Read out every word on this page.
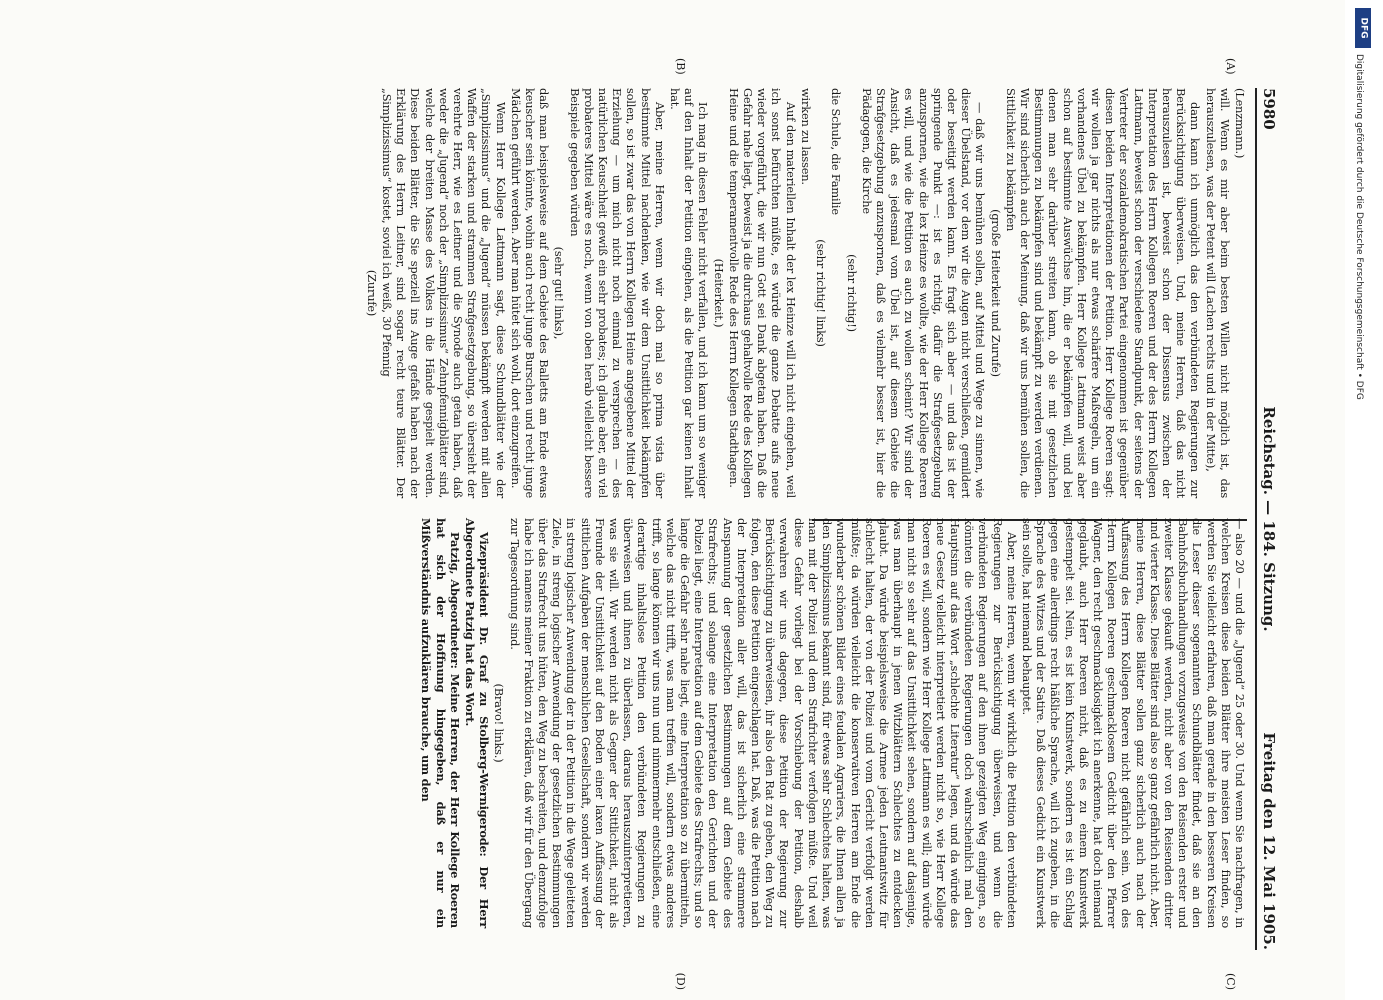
5980
Reichstag. — 184. Sitzung.
Freitag den 12. Mai 1905.
(A)
(B)
(C)
(D)

(Lenzmann.)

will. Wenn es mir aber beim besten Willen nicht möglich ist, das herauszulesen, was der Petent will (Lachen rechts und in der Mitte),

dann kann ich unmöglich das den verbündeten Regierungen zur Berücksichtigung überweisen. Und, meine Herren, daß das nicht herauszulesen ist, beweist schon der Dissensus zwischen der Interpretation des Herrn Kollegen Roeren und der des Herrn Kollegen Lattmann, beweist schon der verschiedene Standpunkt, der seitens der Vertreter der sozialdemokratischen Partei eingenommen ist gegenüber diesen beiden Interpretationen der Petition. Herr Kollege Roeren sagt: wir wollen ja gar nichts als nur etwas schärfere Maßregeln, um ein vorhandenes Übel zu bekämpfen. Herr Kollege Lattmann weist aber schon auf bestimmte Auswüchse hin, die er bekämpfen will, und bei denen man sehr darüber streiten kann, ob sie mit gesetzlichen Bestimmungen zu bekämpfen sind und bekämpft zu werden verdienen. Wir sind sicherlich auch der Meinung, daß wir uns bemühen sollen, die Sittlichkeit zu bekämpfen

(große Heiterkeit und Zurufe)

— daß wir uns bemühen sollen, auf Mittel und Wege zu sinnen, wie dieser Übelstand, vor dem wir die Augen nicht verschließen, gemildert oder beseitigt werden kann. Es fragt sich aber — und das ist der springende Punkt —: ist es richtig, dafür die Strafgesetzgebung anzuspornen, wie die lex Heinze es wollte, wie der Herr Kollege Roeren es will, und wie die Petition es auch zu wollen scheint? Wir sind der Ansicht, daß es jedesmal vom Übel ist, auf diesem Gebiete die Strafgesetzgebung anzuspornen, daß es vielmehr besser ist, hier die Pädagogen, die Kirche

(sehr richtig!)

die Schule, die Familie

(sehr richtig! links)

wirken zu lassen.

Auf den materiellen Inhalt der lex Heinze will ich nicht eingehen, weil ich sonst befürchten müßte, es würde die ganze Debatte aufs neue wieder vorgeführt, die wir nun Gott sei Dank abgetan haben. Daß die Gefahr nahe liegt, beweist ja die durchaus gehaltvolle Rede des Kollegen Heine und die temperamentvolle Rede des Herrn Kollegen Stadthagen.

(Heiterkeit.)

Ich mag in diesen Fehler nicht verfallen, und ich kann um so weniger auf den Inhalt der Petition eingehen, als die Petition gar keinen Inhalt hat.

Aber, meine Herren, wenn wir doch mal so prima vista über bestimmte Mittel nachdenken, wie wir dem Unsittlichkeit bekämpfen sollen, so ist zwar das von Herrn Kollegen Heine angegebene Mittel der Erziehung — um mich nicht noch einmal zu versprechen — des natürlichen Keuschheit gewiß ein sehr probates; ich glaube aber, ein viel probateres Mittel wäre es noch, wenn von oben herab vielleicht bessere Beispiele gegeben würden

(sehr gut! links),

daß man beispielsweise auf dem Gebiete des Balletts am Ende etwas keuscher sein könnte, wohin auch recht junge Burschen und recht junge Mädchen geführt werden. Aber man hütet sich wohl, dort einzugreifen.

Wenn Herr Kollege Lattmann sagt, diese Schundblätter wie der „Simplizissimus“ und die „Jugend“ müssen bekämpft werden mit allen Waffen der starken und strammen Strafgesetzgebung, so übersieht der verehrte Herr, wie es Leitner und die Synode auch getan haben, daß weder die „Jugend“ noch der „Simplizissimus“ Zehnpfennigblätter sind, welche der breiten Masse des Volkes in die Hände gespielt werden. Diese beiden Blätter, die Sie speziell ins Auge gefaßt haben nach der Erklärung des Herrn Leitner, sind sogar recht teure Blätter. Der „Simplizissimus“ kostet, soviel ich weiß, 30 Pfennig

(Zurufe)

— also 20 — und die „Jugend“ 25 oder 30. Und wenn Sie nachfragen, in welchen Kreisen diese beiden Blätter ihre meisten Leser finden, so werden Sie vielleicht erfahren, daß man gerade in den besseren Kreisen die Leser dieser sogenannten Schundblätter findet, daß sie an den Bahnhofsbuchhandlungen vorzugsweise von den Reisenden erster und zweiter Klasse gekauft werden, nicht aber von den Reisenden dritter und vierter Klasse. Diese Blätter sind also so ganz gefährlich nicht. Aber, meine Herren, diese Blätter sollen ganz sicherlich auch nach der Auffassung des Herrn Kollegen Roeren nicht gefährlich sein. Von des Herrn Kollegen Roeren geschmacklosem Gedicht über den Pfarrer Wagner, den recht geschmacklosigkeit ich anerkenne, hat doch niemand geglaubt, auch Herr Roeren nicht, daß es zu einem Kunstwerk gestempelt sei. Nein, es ist kein Kunstwerk, sondern es ist ein Schlag gegen eine allerdings recht häßliche Sprache, will ich zugeben, in die Sprache des Witzes und der Satire. Daß dieses Gedicht ein Kunstwerk sein sollte, hat niemand behauptet.

Aber, meine Herren, wenn wir wirklich die Petition den verbündeten Regierungen zur Berücksichtigung überweisen, und wenn die verbündeten Regierungen auf den ihnen gezeigten Weg eingingen, so könnten die verbündeten Regierungen doch wahrscheinlich mal den Hauptsinn auf das Wort „schlechte Literatur“ legen, und da würde das neue Gesetz vielleicht interpretiert werden nicht so, wie Herr Kollege Roeren es will, sondern wie Herr Kollege Lattmann es will; dann würde man nicht so sehr auf das Unsittlichkeit sehen, sondern auf dasjenige, was man überhaupt in jenen Witzblättern Schlechtes zu entdecken glaubt. Da würde beispielsweise die Armee jeden Leutnantswitz für schlecht halten, der von der Polizei und vom Gericht verfolgt werden müßte; da würden vielleicht die konservativen Herren am Ende die wunderbar schönen Bilder eines feudalen Agrariers, die Ihnen allen ja den Simplizissimus bekannt sind, für etwas sehr Schlechtes halten, was man mit der Polizei und dem Strafrichter verfolgen müßte. Und weil diese Gefahr vorliegt bei der Vorschiebung der Petition, deshalb verwahren wir uns dagegen, diese Petition der Regierung zur Berücksichtigung zu überweisen, ihr also den Rat zu geben, den Weg zu folgen, den diese Petition eingeschlagen hat. Daß, was die Petition nach der Interpretation aller will, das ist sicherlich eine strammere Anspannung der gesetzlichen Bestimmungen auf dem Gebiete des Strafrechts; und solange eine Interpretation den Gerichten und der Polizei liegt, eine Interpretation auf dem Gebiete des Strafrechts; und so lange die Gefahr sehr nahe liegt, eine Interpretation so zu übermitteln, welche das nicht trifft, was man treffen will, sondern etwas anderes trifft, so lange können wir uns nun und nimmermehr entschließen, eine derartige inhaltslose Petition den verbündeten Regierungen zu überweisen und ihnen zu überlassen, daraus herauszuinterpretieren, was sie will. Wir werden nicht als Gegner der Sittlichkeit, nicht als Freunde der Unsittlichkeit auf den Boden einer laxen Auffassung der sittlichen Aufgaben der menschlichen Gesellschaft, sondern wir werden in streng logischer Anwendung der in der Petition in die Wege geleiteten Ziele, in streng logischer Anwendung der gesetzlichen Bestimmungen über das Strafrecht uns hüten, den Weg zu beschreiten, und demzufolge habe ich namens meiner Fraktion zu erklären, daß wir für den Übergang zur Tagesordnung sind.

(Bravo! links.)

Vizepräsident Dr. Graf zu Stolberg-Wernigerode: Der Herr Abgeordnete Patzig hat das Wort.

Patzig, Abgeordneter: Meine Herren, der Herr Kollege Roeren hat sich der Hoffnung hingegeben, daß er nur ein Mißverständnis aufzuklären brauche, um den

DFG
Digitalisierung gefördert durch die Deutsche Forschungsgemeinschaft • DFG
